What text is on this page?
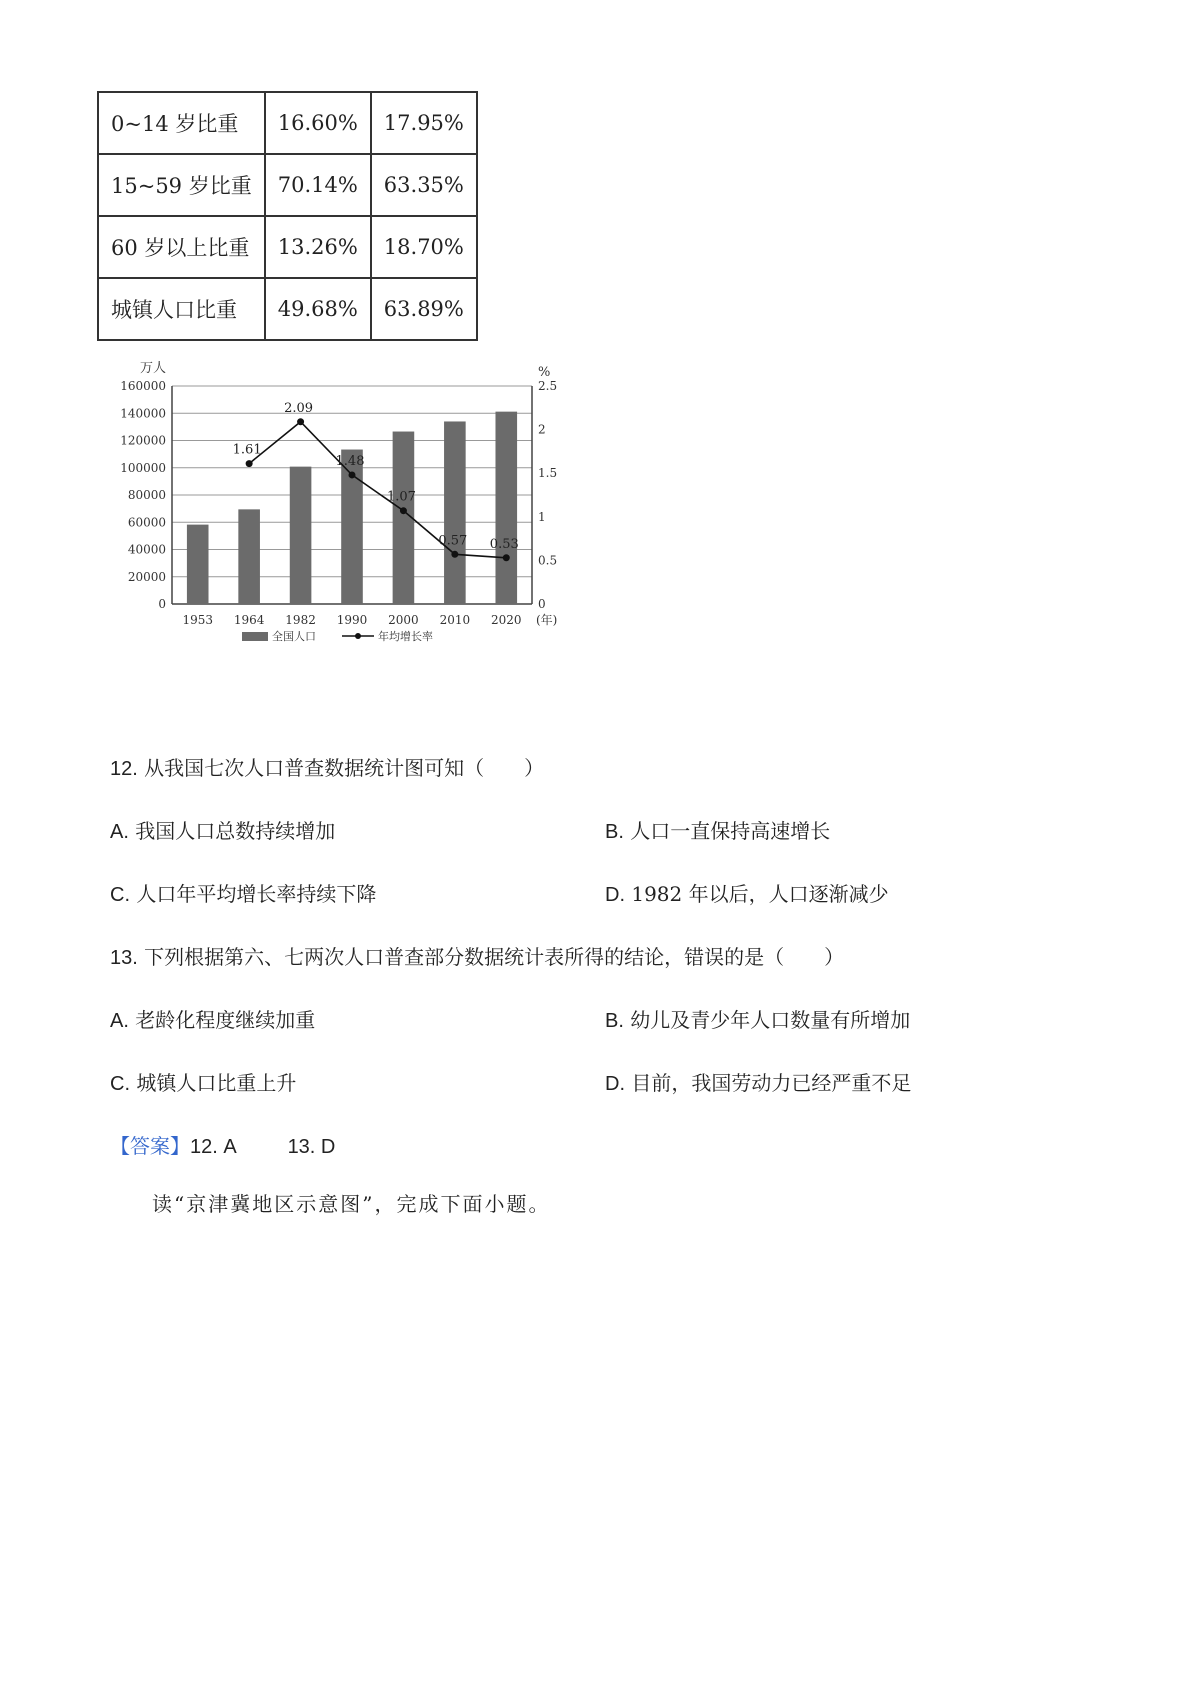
0~14 岁比重	16.60%	17.95%
15~59 岁比重	70.14%	63.35%
60 岁以上比重	13.26%	18.70%
城镇人口比重	49.68%	63.89%
万人	%
0
20000
40000
60000
80000
100000
120000
140000
160000
0
0.5
1
1.5
2
2.5
1953 1964 1982 1990 2000 2010 2020 (年)
1.61
2.09
1.48
1.07
0.57 0.53
全国人口	年均增长率
12. 从我国七次人口普查数据统计图可知（　　）
A. 我国人口总数持续增加	B. 人口一直保持高速增长
C. 人口年平均增长率持续下降	D. 1982 年以后，人口逐渐减少
13. 下列根据第六、七两次人口普查部分数据统计表所得的结论，错误的是（　　）
A. 老龄化程度继续加重	B. 幼儿及青少年人口数量有所增加
C. 城镇人口比重上升	D. 目前，我国劳动力已经严重不足
【答案】12. A	13. D
读“京津冀地区示意图”，完成下面小题。
